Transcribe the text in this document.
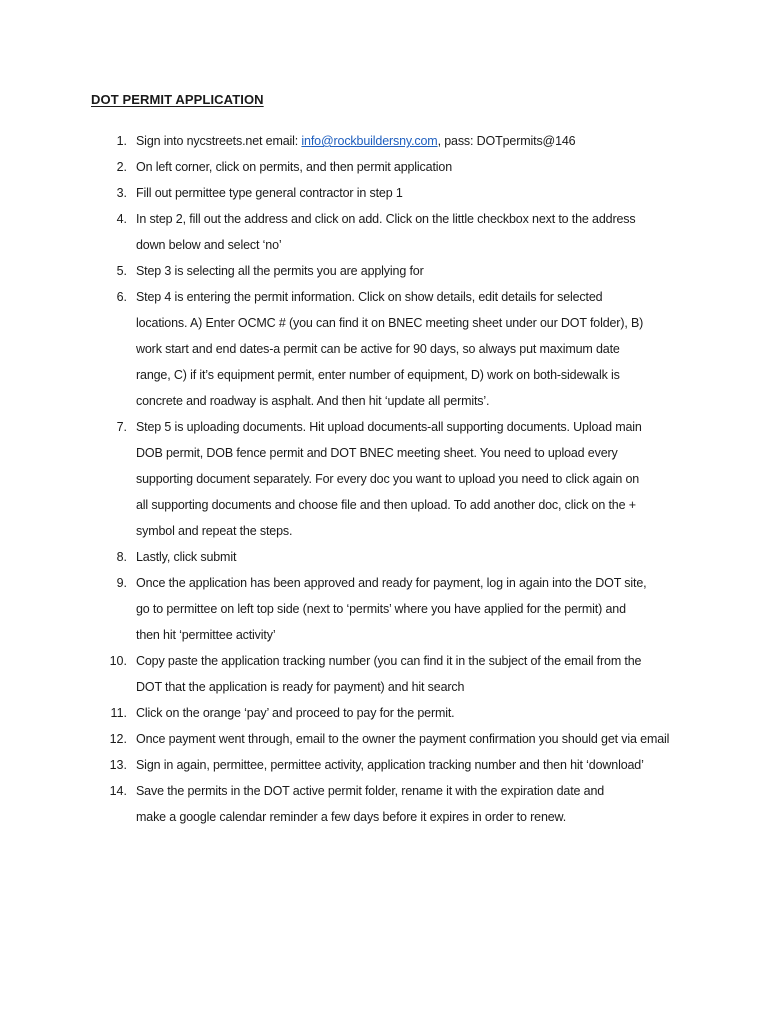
DOT PERMIT APPLICATION
1. Sign into nycstreets.net email: info@rockbuildersny.com, pass: DOTpermits@146
2. On left corner, click on permits, and then permit application
3. Fill out permittee type general contractor in step 1
4. In step 2, fill out the address and click on add. Click on the little checkbox next to the address
down below and select ‘no’
5. Step 3 is selecting all the permits you are applying for
6. Step 4 is entering the permit information. Click on show details, edit details for selected
locations. A) Enter OCMC # (you can find it on BNEC meeting sheet under our DOT folder), B)
work start and end dates-a permit can be active for 90 days, so always put maximum date
range, C) if it’s equipment permit, enter number of equipment, D) work on both-sidewalk is
concrete and roadway is asphalt. And then hit ‘update all permits’.
7. Step 5 is uploading documents. Hit upload documents-all supporting documents. Upload main
DOB permit, DOB fence permit and DOT BNEC meeting sheet. You need to upload every
supporting document separately. For every doc you want to upload you need to click again on
all supporting documents and choose file and then upload. To add another doc, click on the +
symbol and repeat the steps.
8. Lastly, click submit
9. Once the application has been approved and ready for payment, log in again into the DOT site,
go to permittee on left top side (next to ‘permits’ where you have applied for the permit) and
then hit ‘permittee activity’
10. Copy paste the application tracking number (you can find it in the subject of the email from the
DOT that the application is ready for payment) and hit search
11. Click on the orange ‘pay’ and proceed to pay for the permit.
12. Once payment went through, email to the owner the payment confirmation you should get via email
13. Sign in again, permittee, permittee activity, application tracking number and then hit ‘download’
14. Save the permits in the DOT active permit folder, rename it with the expiration date and
make a google calendar reminder a few days before it expires in order to renew.
